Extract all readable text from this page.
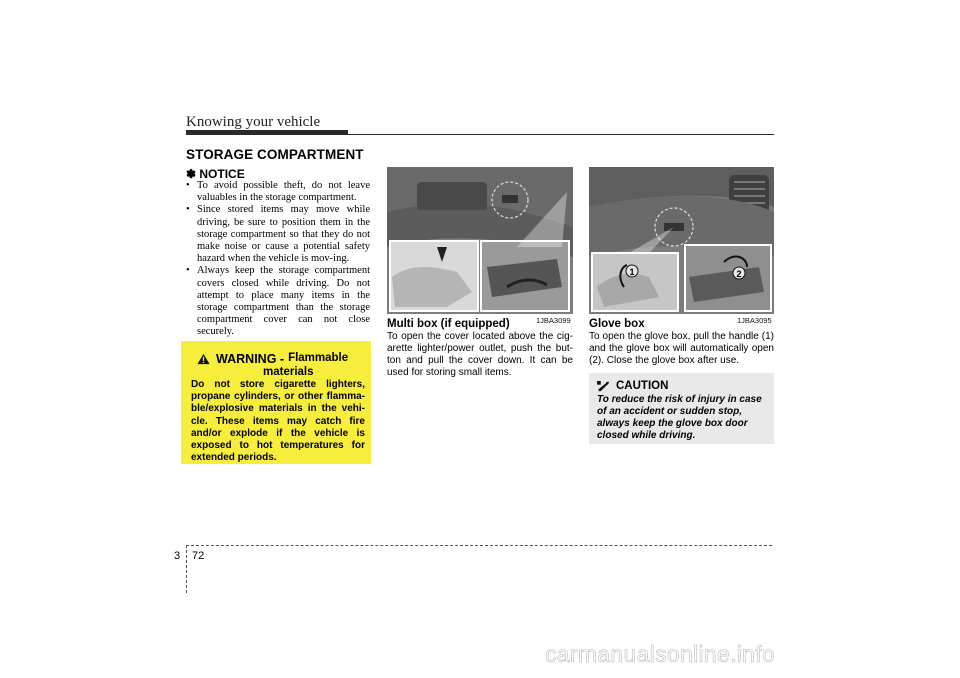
Knowing your vehicle
STORAGE COMPARTMENT
✽ NOTICE
• To avoid possible theft, do not leave valuables in the storage compartment.
• Since stored items may move while driving, be sure to position them in the storage compartment so that they do not make noise or cause a potential safety hazard when the vehicle is mov-ing.
• Always keep the storage compartment covers closed while driving. Do not attempt to place many items in the storage compartment than the storage compartment cover can not close securely.
WARNING - Flammable
materials
Do not store cigarette lighters, propane cylinders, or other flamma-ble/explosive materials in the vehi-cle. These items may catch fire and/or explode if the vehicle is exposed to hot temperatures for extended periods.
1JBA3099
1	2
1JBA3095
Multi box (if equipped)
To open the cover located above the cig-arette lighter/power outlet, push the but-ton and pull the cover down. It can be used for storing small items.
Glove box
To open the glove box, pull the handle (1) and the glove box will automatically open (2). Close the glove box after use.
CAUTION
To reduce the risk of injury in case of an accident or sudden stop, always keep the glove box door closed while driving.
3 72
carmanualsonline.info
